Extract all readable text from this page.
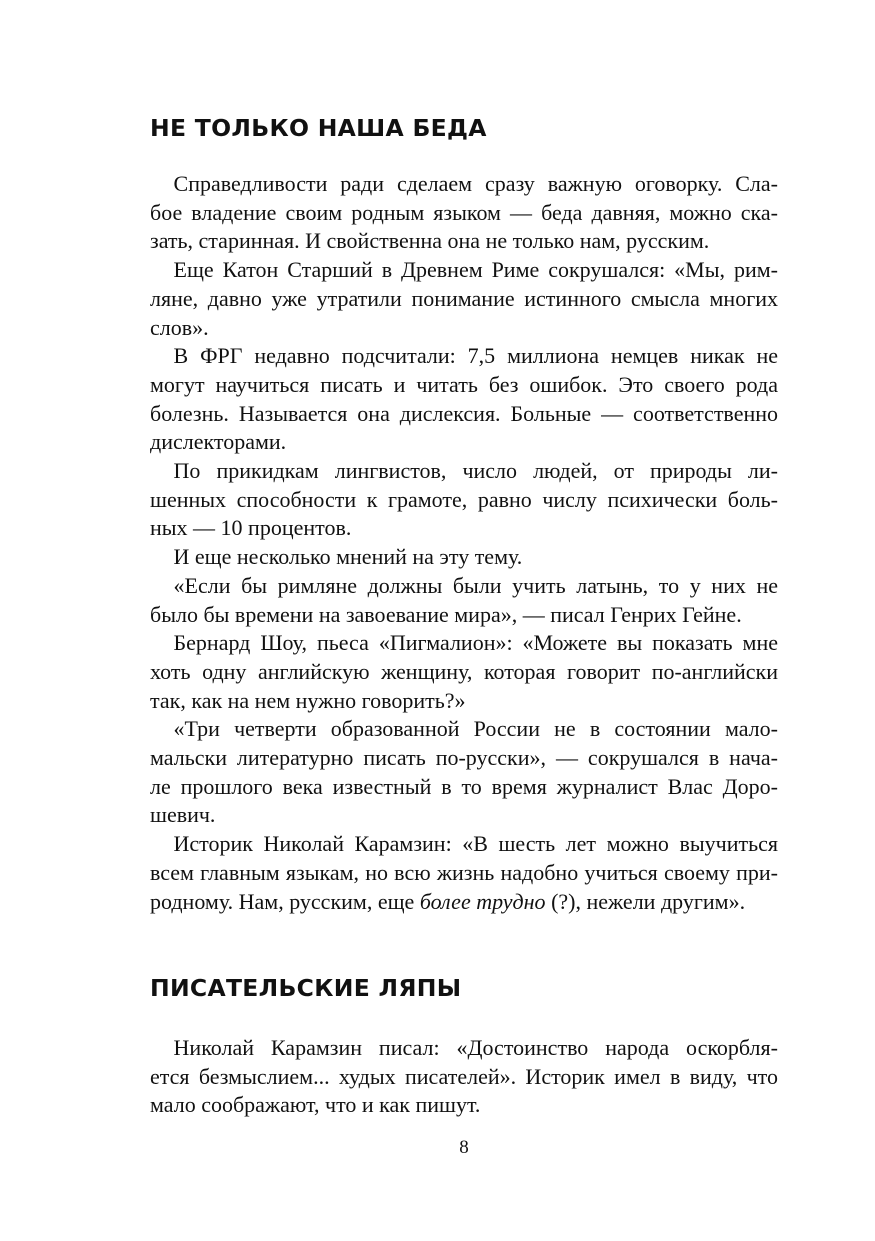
НЕ ТОЛЬКО НАША БЕДА
Справедливости ради сделаем сразу важную оговорку. Сла-
бое владение своим родным языком — беда давняя, можно ска-
зать, старинная. И свойственна она не только нам, русским.
Еще Катон Старший в Древнем Риме сокрушался: «Мы, рим-
ляне, давно уже утратили понимание истинного смысла многих
слов».
В ФРГ недавно подсчитали: 7,5 миллиона немцев никак не
могут научиться писать и читать без ошибок. Это своего рода
болезнь. Называется она дислексия. Больные — соответственно
дислекторами.
По прикидкам лингвистов, число людей, от природы ли-
шенных способности к грамоте, равно числу психически боль-
ных — 10 процентов.
И еще несколько мнений на эту тему.
«Если бы римляне должны были учить латынь, то у них не
было бы времени на завоевание мира», — писал Генрих Гейне.
Бернард Шоу, пьеса «Пигмалион»: «Можете вы показать мне
хоть одну английскую женщину, которая говорит по-английски
так, как на нем нужно говорить?»
«Три четверти образованной России не в состоянии мало-
мальски литературно писать по-русски», — сокрушался в нача-
ле прошлого века известный в то время журналист Влас Доро-
шевич.
Историк Николай Карамзин: «В шесть лет можно выучиться
всем главным языкам, но всю жизнь надобно учиться своему при-
родному. Нам, русским, еще более трудно (?), нежели другим».
ПИСАТЕЛЬСКИЕ ЛЯПЫ
Николай Карамзин писал: «Достоинство народа оскорбля-
ется безмыслием... худых писателей». Историк имел в виду, что
мало соображают, что и как пишут.
8
